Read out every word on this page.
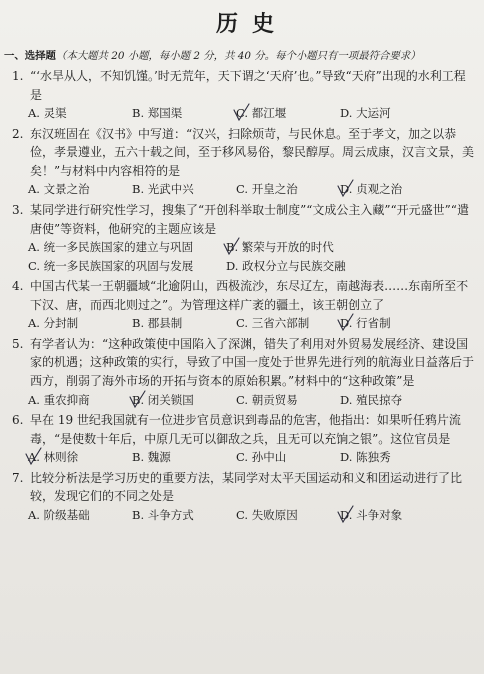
历史
一、选择题（本大题共 20 小题，每小题 2 分，共 40 分。每个小题只有一项最符合要求）
1. “‘水旱从人，不知饥馑。’时无荒年，天下谓之‘天府’也。”导致“天府”出现的水利工程是
A. 灵渠	B. 郑国渠	C. 都江堰	D. 大运河
2. 东汉班固在《汉书》中写道：“汉兴，扫除烦苛，与民休息。至于孝文，加之以恭俭，孝景遵业，五六十载之间，至于移风易俗，黎民醇厚。周云成康，汉言文景，美矣！”与材料中内容相符的是
A. 文景之治	B. 光武中兴	C. 开皇之治	D. 贞观之治
3. 某同学进行研究性学习，搜集了“开创科举取士制度”“文成公主入藏”“开元盛世”“遣唐使”等资料，他研究的主题应该是
A. 统一多民族国家的建立与巩固	B. 繁荣与开放的时代
C. 统一多民族国家的巩固与发展	D. 政权分立与民族交融
4. 中国古代某一王朝疆域“北逾阴山，西极流沙，东尽辽左，南越海表……东南所至不下汉、唐，而西北则过之”。为管理这样广袤的疆土，该王朝创立了
A. 分封制	B. 郡县制	C. 三省六部制	D. 行省制
5. 有学者认为：“这种政策使中国陷入了深渊，错失了利用对外贸易发展经济、建设国家的机遇；这种政策的实行，导致了中国一度处于世界先进行列的航海业日益落后于西方，削弱了海外市场的开拓与资本的原始积累。”材料中的“这种政策”是
A. 重农抑商	B. 闭关锁国	C. 朝贡贸易	D. 殖民掠夺
6. 早在 19 世纪我国就有一位进步官员意识到毒品的危害，他指出：如果听任鸦片流毒，“是使数十年后，中原几无可以御敌之兵，且无可以充饷之银”。这位官员是
A. 林则徐	B. 魏源	C. 孙中山	D. 陈独秀
7. 比较分析法是学习历史的重要方法，某同学对太平天国运动和义和团运动进行了比较，发现它们的不同之处是
A. 阶级基础	B. 斗争方式	C. 失败原因	D. 斗争对象
